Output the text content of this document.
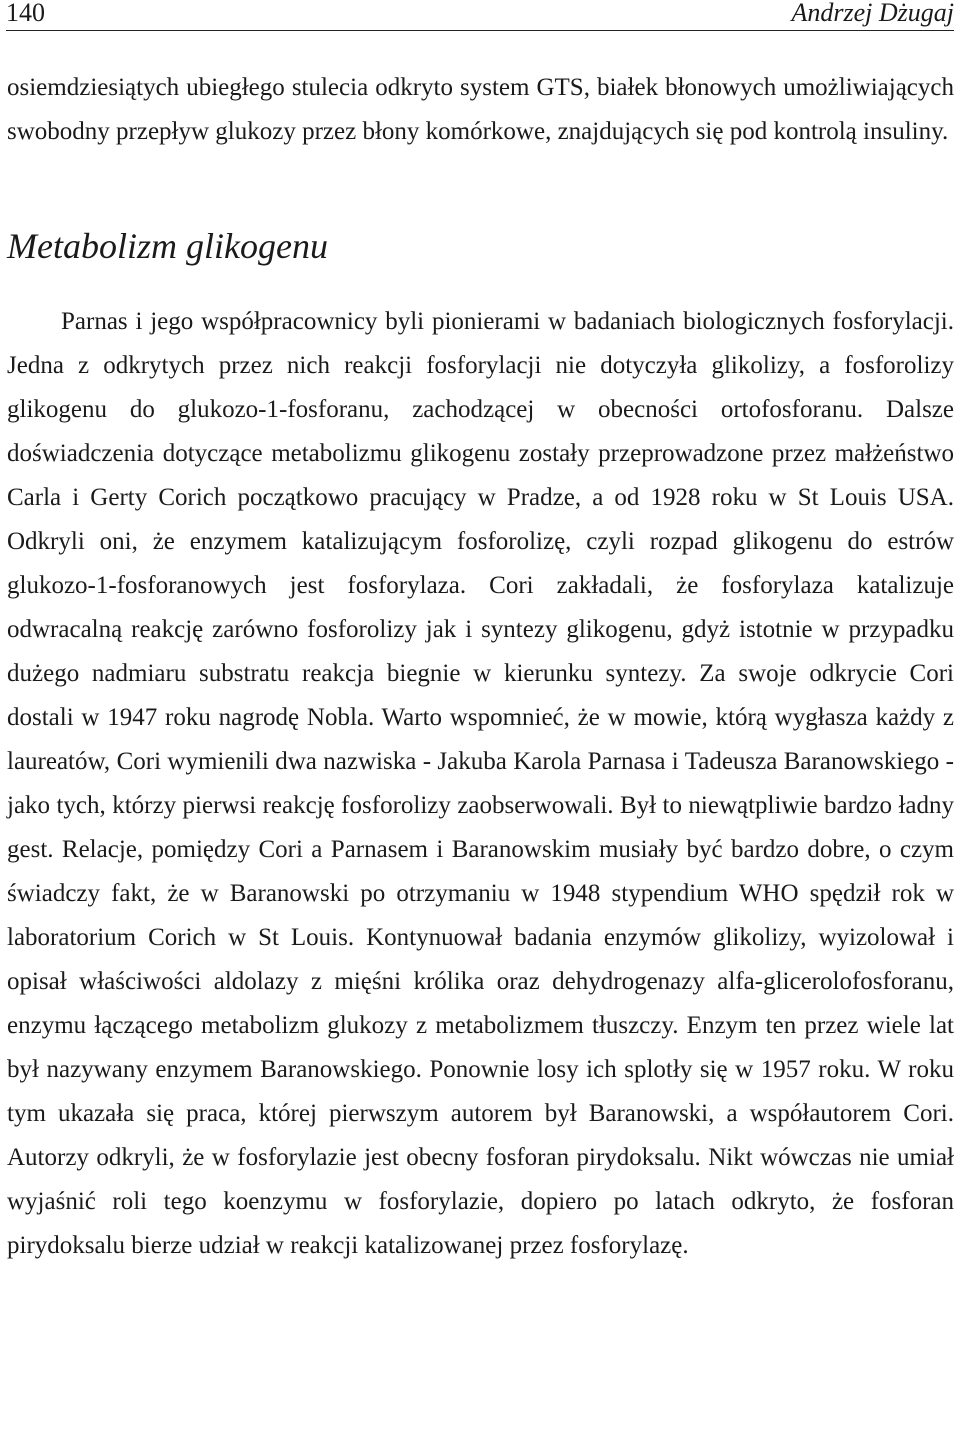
140	Andrzej Dżugaj

osiemdziesiątych ubiegłego stulecia odkryto system GTS, białek błonowych umożliwiających swobodny przepływ glukozy przez błony komórkowe, znajdujących się pod kontrolą insuliny.

Metabolizm glikogenu

Parnas i jego współpracownicy byli pionierami w badaniach biologicznych fosforylacji. Jedna z odkrytych przez nich reakcji fosforylacji nie dotyczyła glikolizy, a fosforolizy glikogenu do glukozo-1-fosforanu, zachodzącej w obecności ortofosforanu. Dalsze doświadczenia dotyczące metabolizmu glikogenu zostały przeprowadzone przez małżeństwo Carla i Gerty Corich początkowo pracujący w Pradze, a od 1928 roku w St Louis USA. Odkryli oni, że enzymem katalizującym fosforolizę, czyli rozpad glikogenu do estrów glukozo-1-fosforanowych jest fosforylaza. Cori zakładali, że fosforylaza katalizuje odwracalną reakcję zarówno fosforolizy jak i syntezy glikogenu, gdyż istotnie w przypadku dużego nadmiaru substratu reakcja biegnie w kierunku syntezy. Za swoje odkrycie Cori dostali w 1947 roku nagrodę Nobla. Warto wspomnieć, że w mowie, którą wygłasza każdy z laureatów, Cori wymienili dwa nazwiska - Jakuba Karola Parnasa i Tadeusza Baranowskiego - jako tych, którzy pierwsi reakcję fosforolizy zaobserwowali. Był to niewątpliwie bardzo ładny gest. Relacje, pomiędzy Cori a Parnasem i Baranowskim musiały być bardzo dobre, o czym świadczy fakt, że w Baranowski po otrzymaniu w 1948 stypendium WHO spędził rok w laboratorium Corich w St Louis. Kontynuował badania enzymów glikolizy, wyizolował i opisał właściwości aldolazy z mięśni królika oraz dehydrogenazy alfa-glicerolofosforanu, enzymu łączącego metabolizm glukozy z metabolizmem tłuszczy. Enzym ten przez wiele lat był nazywany enzymem Baranowskiego. Ponownie losy ich splotły się w 1957 roku. W roku tym ukazała się praca, której pierwszym autorem był Baranowski, a współautorem Cori. Autorzy odkryli, że w fosforylazie jest obecny fosforan pirydoksalu. Nikt wówczas nie umiał wyjaśnić roli tego koenzymu w fosforylazie, dopiero po latach odkryto, że fosforan pirydoksalu bierze udział w reakcji katalizowanej przez fosforylazę.
